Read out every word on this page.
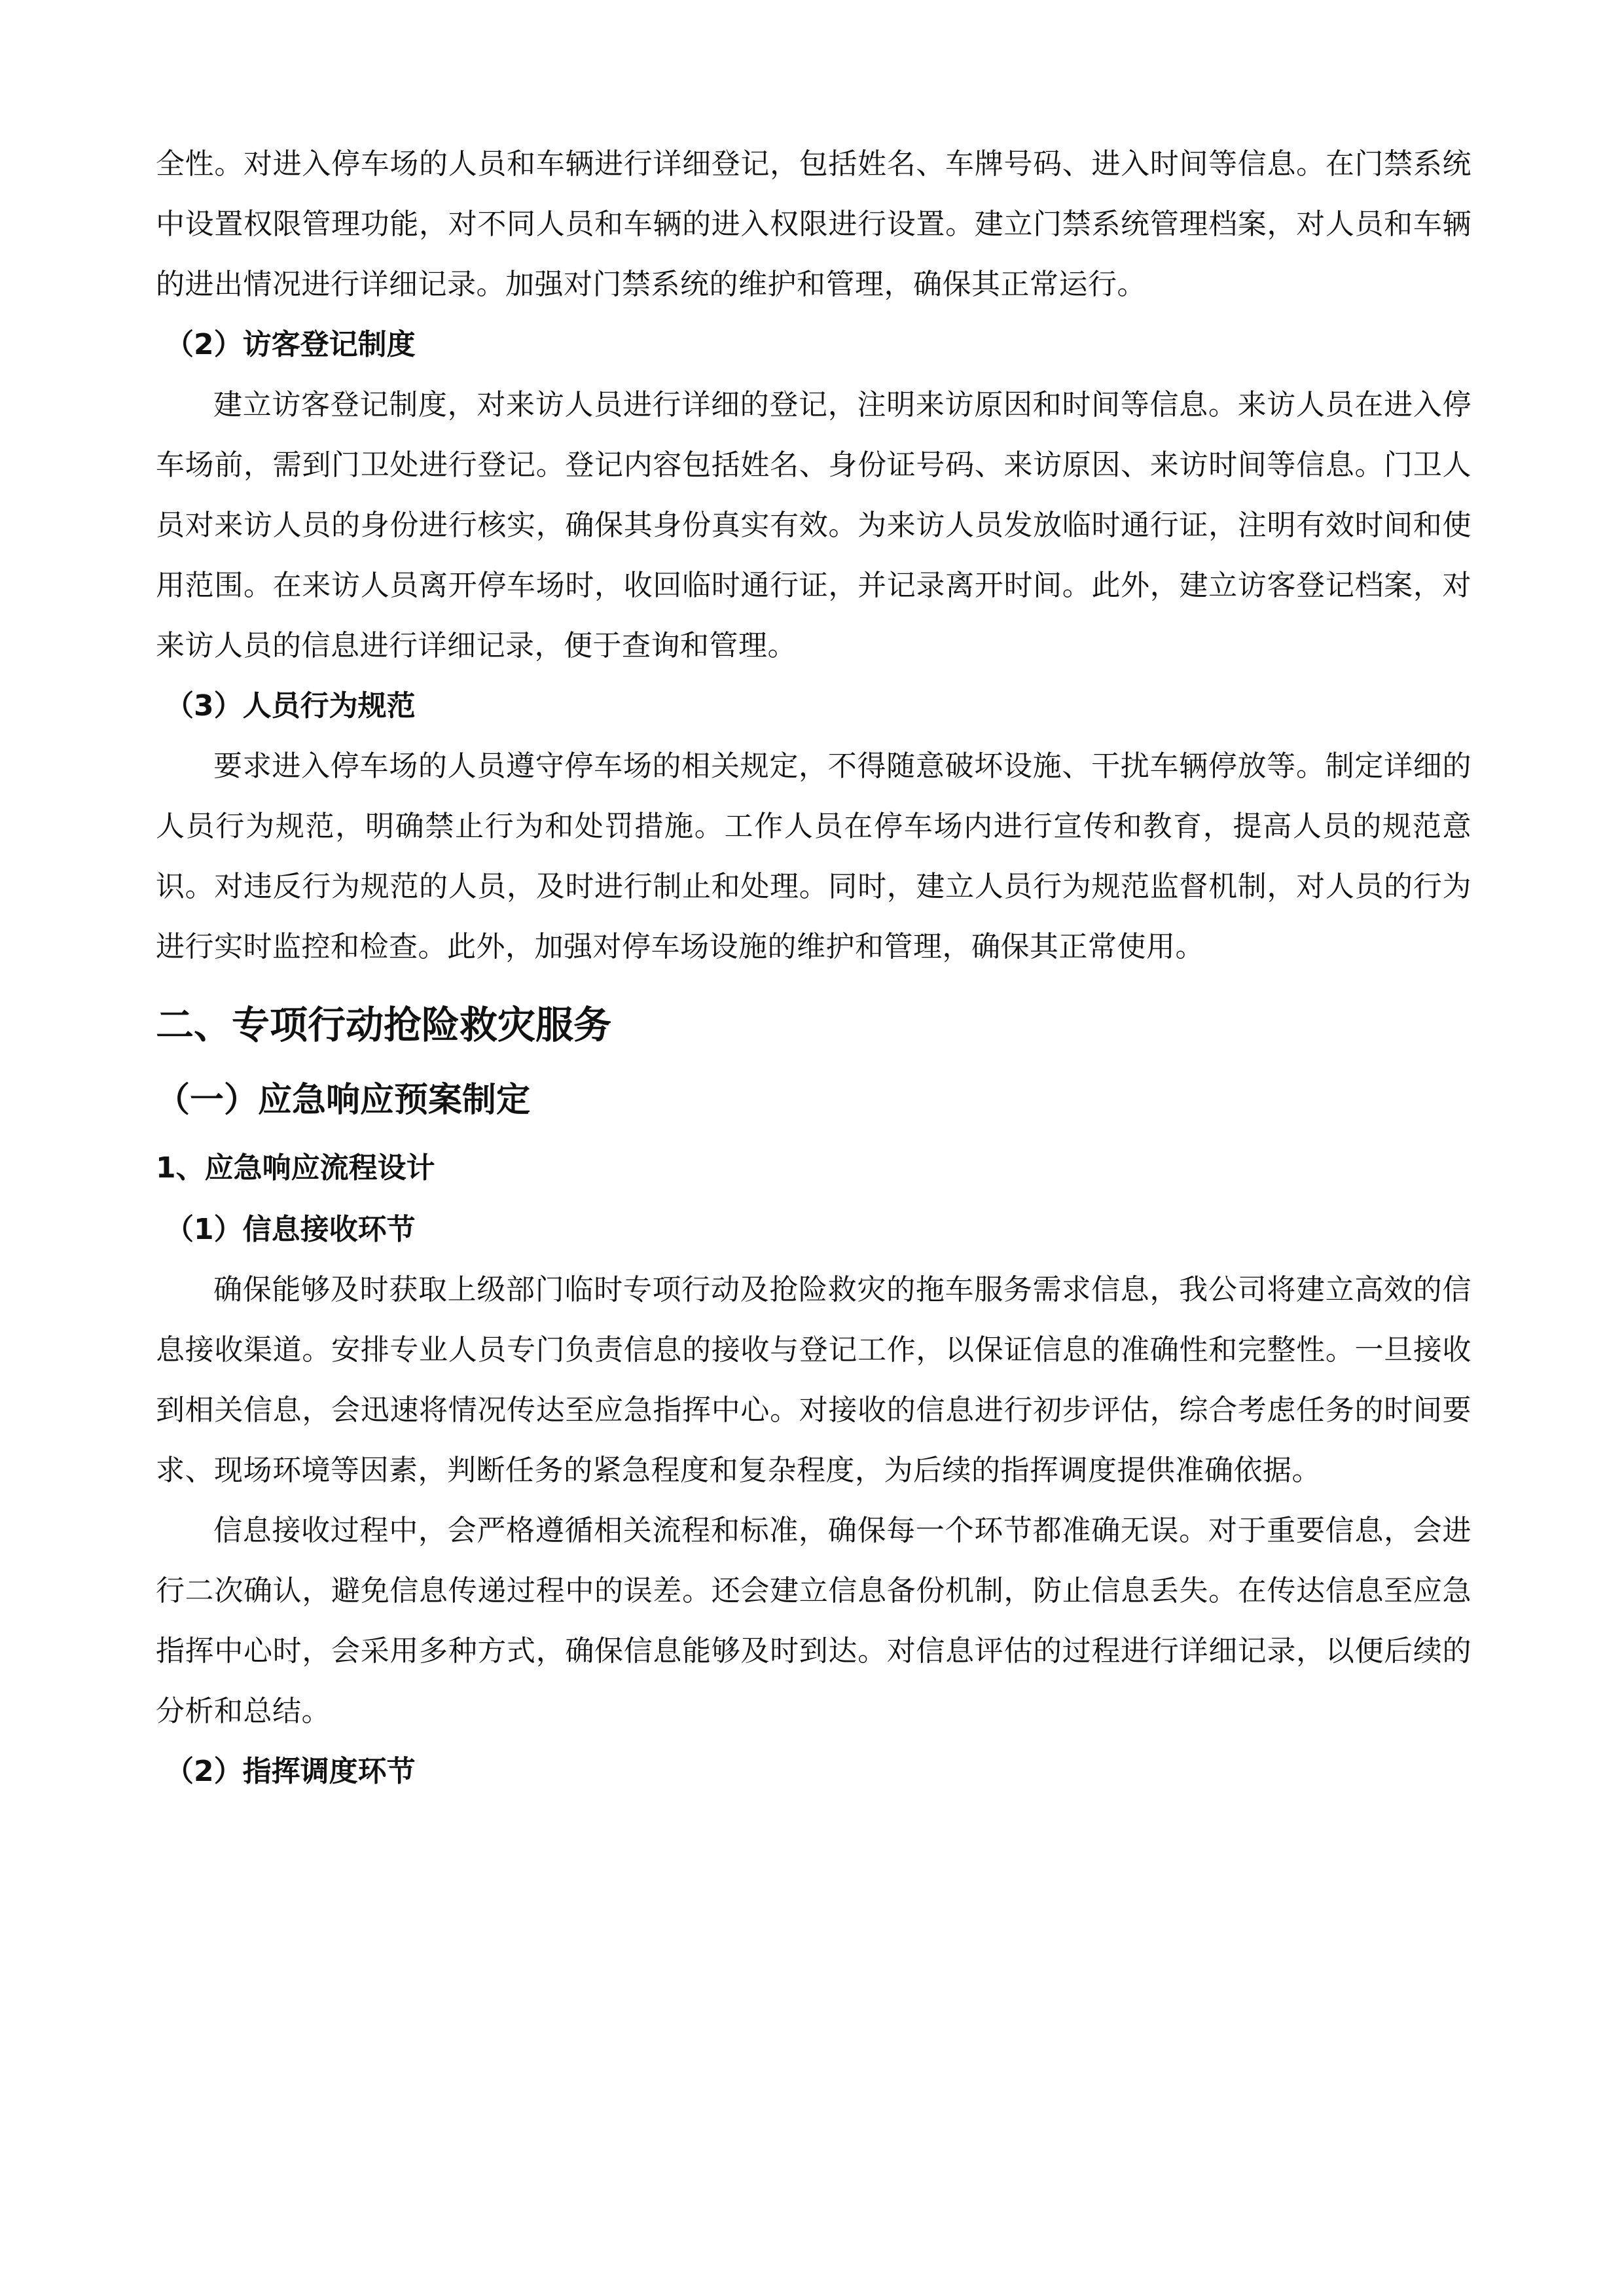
全性。对进入停车场的人员和车辆进行详细登记，包括姓名、车牌号码、进入时间等信息。在门禁系统中设置权限管理功能，对不同人员和车辆的进入权限进行设置。建立门禁系统管理档案，对人员和车辆的进出情况进行详细记录。加强对门禁系统的维护和管理，确保其正常运行。

（2）访客登记制度

建立访客登记制度，对来访人员进行详细的登记，注明来访原因和时间等信息。来访人员在进入停车场前，需到门卫处进行登记。登记内容包括姓名、身份证号码、来访原因、来访时间等信息。门卫人员对来访人员的身份进行核实，确保其身份真实有效。为来访人员发放临时通行证，注明有效时间和使用范围。在来访人员离开停车场时，收回临时通行证，并记录离开时间。此外，建立访客登记档案，对来访人员的信息进行详细记录，便于查询和管理。

（3）人员行为规范

要求进入停车场的人员遵守停车场的相关规定，不得随意破坏设施、干扰车辆停放等。制定详细的人员行为规范，明确禁止行为和处罚措施。工作人员在停车场内进行宣传和教育，提高人员的规范意识。对违反行为规范的人员，及时进行制止和处理。同时，建立人员行为规范监督机制，对人员的行为进行实时监控和检查。此外，加强对停车场设施的维护和管理，确保其正常使用。

二、专项行动抢险救灾服务
（一）应急响应预案制定
1、应急响应流程设计

（1）信息接收环节

确保能够及时获取上级部门临时专项行动及抢险救灾的拖车服务需求信息，我公司将建立高效的信息接收渠道。安排专业人员专门负责信息的接收与登记工作，以保证信息的准确性和完整性。一旦接收到相关信息，会迅速将情况传达至应急指挥中心。对接收的信息进行初步评估，综合考虑任务的时间要求、现场环境等因素，判断任务的紧急程度和复杂程度，为后续的指挥调度提供准确依据。

信息接收过程中，会严格遵循相关流程和标准，确保每一个环节都准确无误。对于重要信息，会进行二次确认，避免信息传递过程中的误差。还会建立信息备份机制，防止信息丢失。在传达信息至应急指挥中心时，会采用多种方式，确保信息能够及时到达。对信息评估的过程进行详细记录，以便后续的分析和总结。

（2）指挥调度环节
